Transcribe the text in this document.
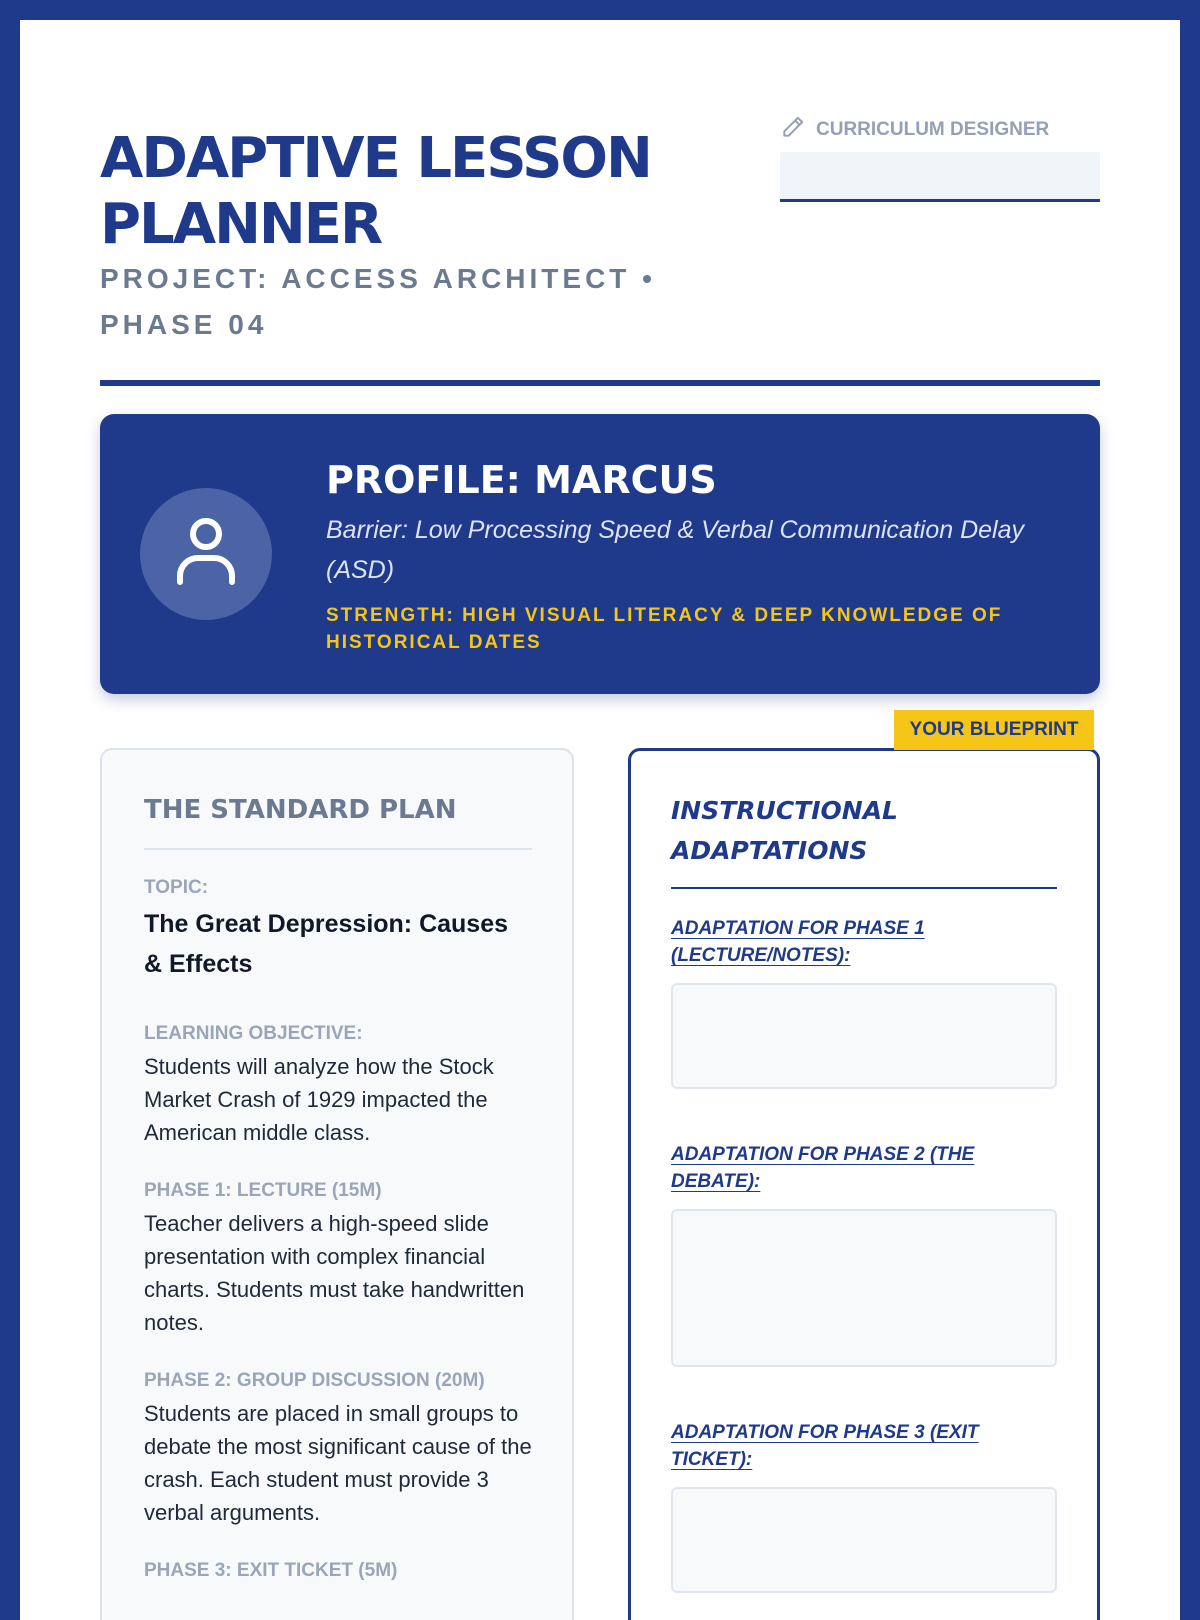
ADAPTIVE LESSON PLANNER
PROJECT: ACCESS ARCHITECT • PHASE 04
CURRICULUM DESIGNER
PROFILE: MARCUS
Barrier: Low Processing Speed & Verbal Communication Delay (ASD)
STRENGTH: HIGH VISUAL LITERACY & DEEP KNOWLEDGE OF HISTORICAL DATES
THE STANDARD PLAN
TOPIC:
The Great Depression: Causes & Effects
LEARNING OBJECTIVE:
Students will analyze how the Stock Market Crash of 1929 impacted the American middle class.
PHASE 1: LECTURE (15M)
Teacher delivers a high-speed slide presentation with complex financial charts. Students must take handwritten notes.
PHASE 2: GROUP DISCUSSION (20M)
Students are placed in small groups to debate the most significant cause of the crash. Each student must provide 3 verbal arguments.
PHASE 3: EXIT TICKET (5M)
INSTRUCTIONAL ADAPTATIONS
ADAPTATION FOR PHASE 1 (LECTURE/NOTES):
ADAPTATION FOR PHASE 2 (THE DEBATE):
ADAPTATION FOR PHASE 3 (EXIT TICKET):
YOUR BLUEPRINT
